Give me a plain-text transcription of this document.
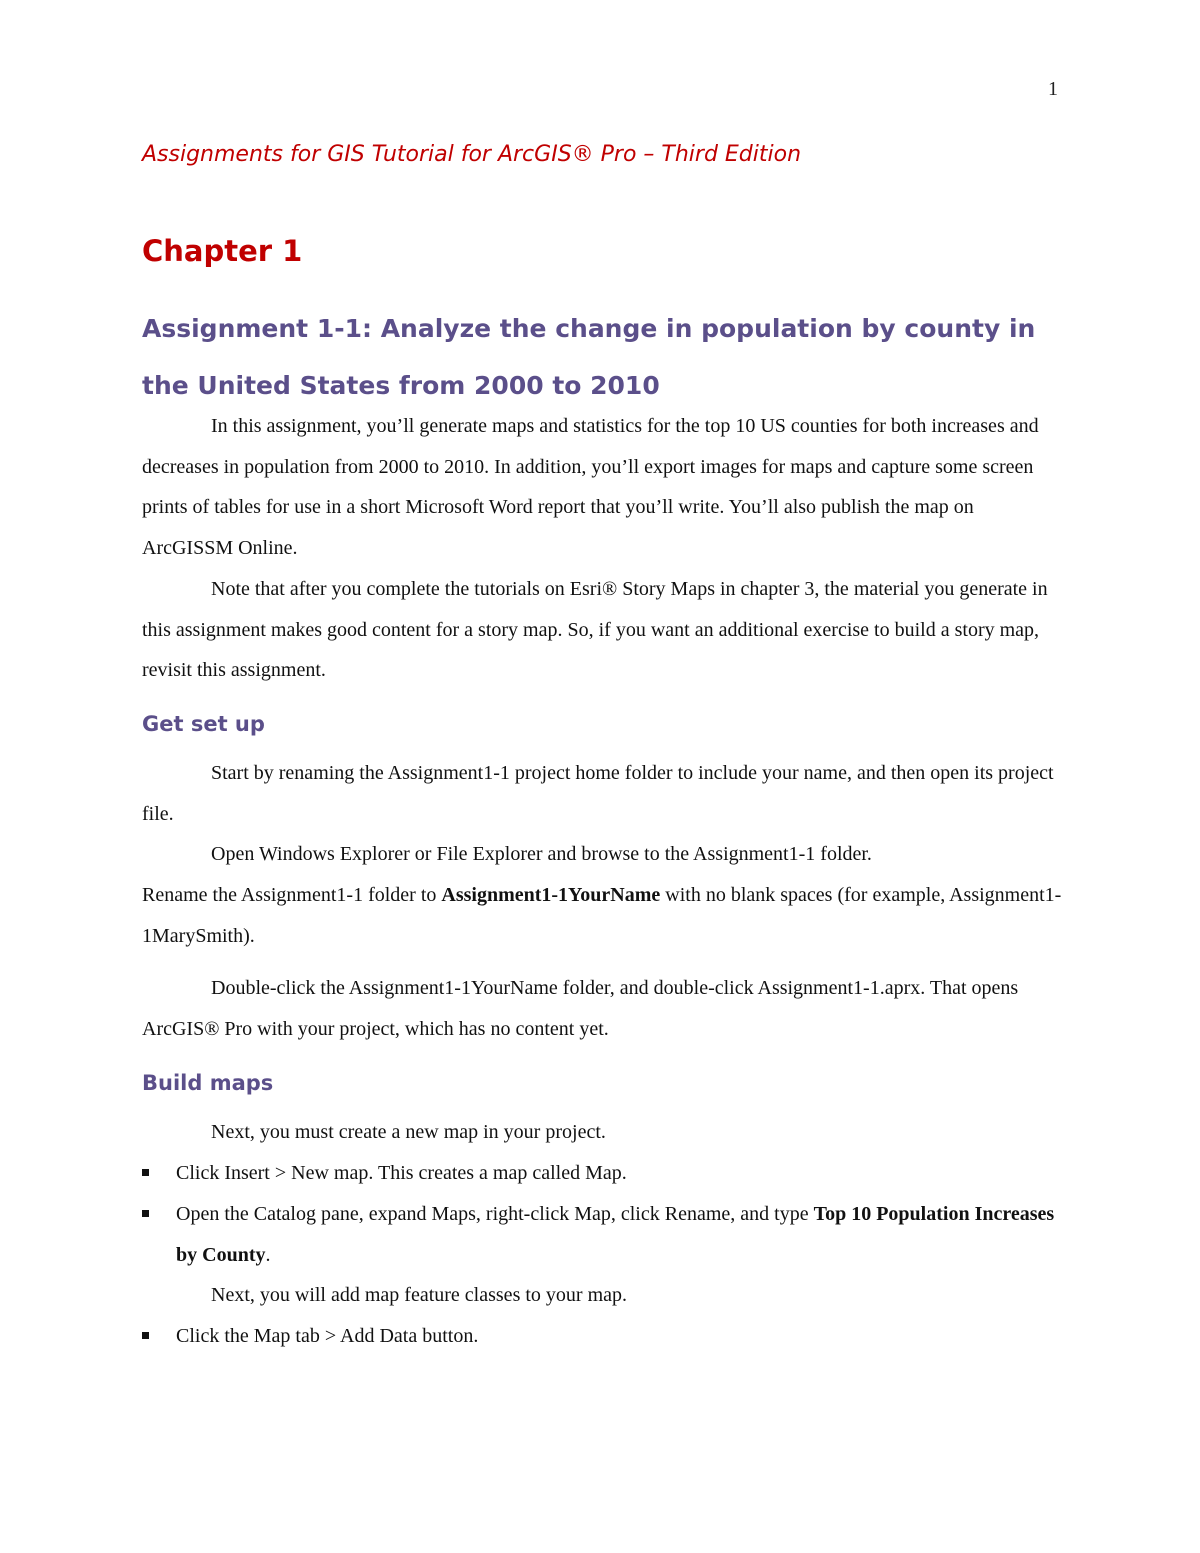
1
Assignments for GIS Tutorial for ArcGIS® Pro – Third Edition
Chapter 1
Assignment 1-1: Analyze the change in population by county in the United States from 2000 to 2010

In this assignment, you’ll generate maps and statistics for the top 10 US counties for both increases and decreases in population from 2000 to 2010. In addition, you’ll export images for maps and capture some screen prints of tables for use in a short Microsoft Word report that you’ll write. You’ll also publish the map on ArcGISSM Online.

Note that after you complete the tutorials on Esri® Story Maps in chapter 3, the material you generate in this assignment makes good content for a story map. So, if you want an additional exercise to build a story map, revisit this assignment.

Get set up

Start by renaming the Assignment1-1 project home folder to include your name, and then open its project file.

Open Windows Explorer or File Explorer and browse to the Assignment1-1 folder.

Rename the Assignment1-1 folder to Assignment1-1YourName with no blank spaces (for example, Assignment1-1MarySmith).

Double-click the Assignment1-1YourName folder, and double-click Assignment1-1.aprx. That opens ArcGIS® Pro with your project, which has no content yet.

Build maps

Next, you must create a new map in your project.

Click Insert > New map. This creates a map called Map.
Open the Catalog pane, expand Maps, right-click Map, click Rename, and type Top 10 Population Increases by County.

Next, you will add map feature classes to your map.

Click the Map tab > Add Data button.
